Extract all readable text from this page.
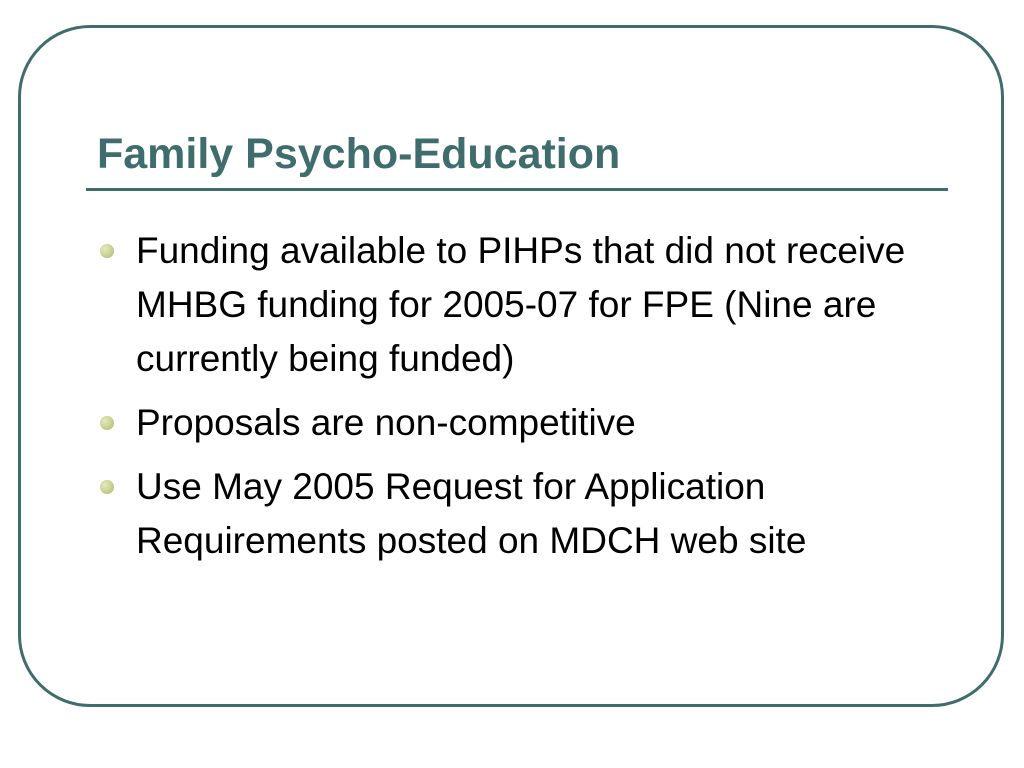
Family Psycho-Education
Funding available to PIHPs that did not receive MHBG funding for 2005-07 for FPE (Nine are currently being funded)
Proposals are non-competitive
Use May 2005 Request for Application Requirements posted on MDCH web site
